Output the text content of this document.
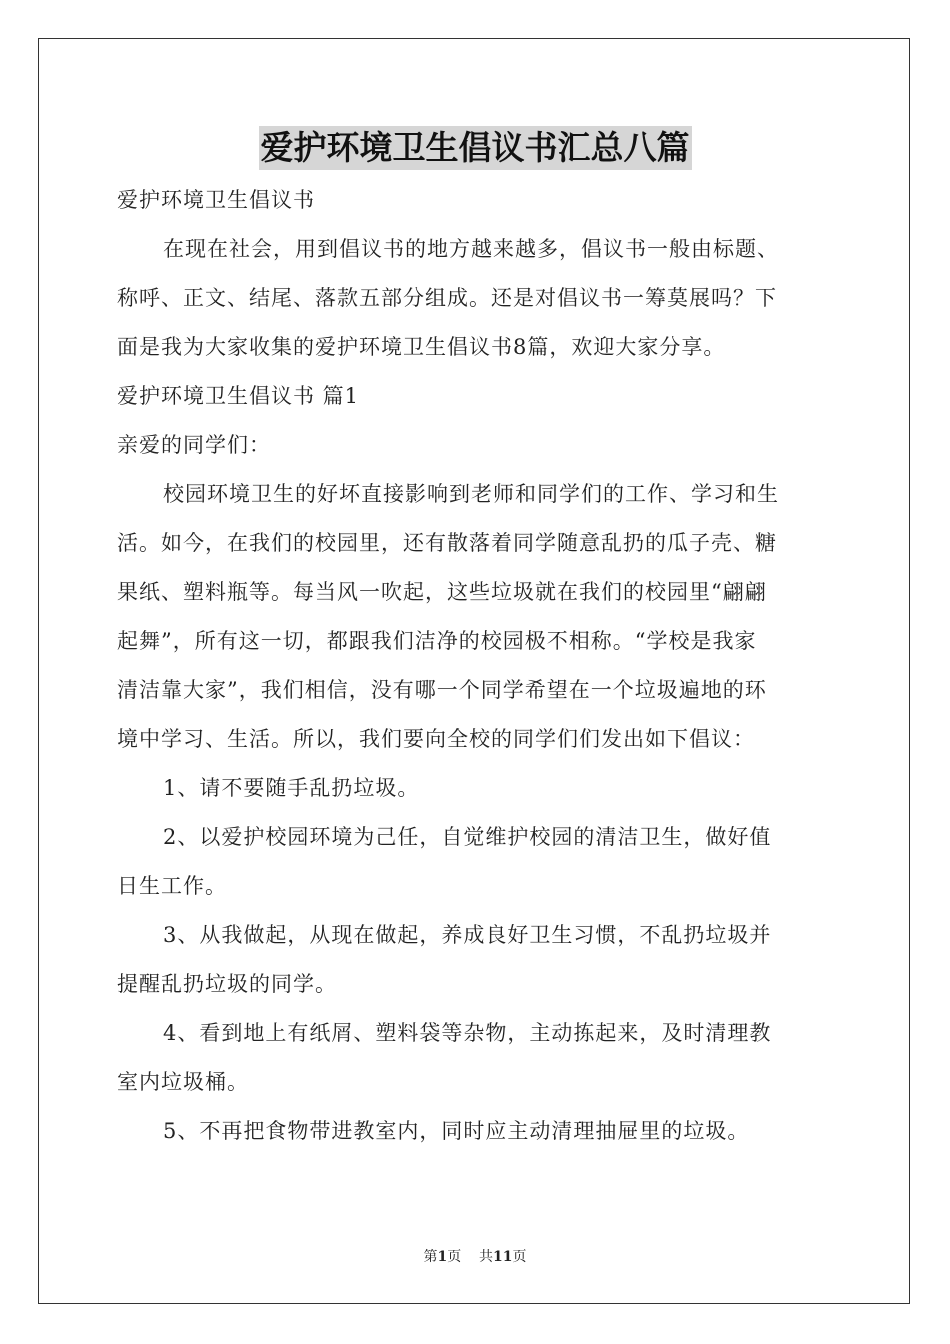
爱护环境卫生倡议书汇总八篇

爱护环境卫生倡议书

在现在社会，用到倡议书的地方越来越多，倡议书一般由标题、

称呼、正文、结尾、落款五部分组成。还是对倡议书一筹莫展吗？下

面是我为大家收集的爱护环境卫生倡议书8篇，欢迎大家分享。

爱护环境卫生倡议书 篇1

亲爱的同学们：

校园环境卫生的好坏直接影响到老师和同学们的工作、学习和生

活。如今，在我们的校园里，还有散落着同学随意乱扔的瓜子壳、糖

果纸、塑料瓶等。每当风一吹起，这些垃圾就在我们的校园里“翩翩

起舞”，所有这一切，都跟我们洁净的校园极不相称。“学校是我家

清洁靠大家”，我们相信，没有哪一个同学希望在一个垃圾遍地的环

境中学习、生活。所以，我们要向全校的同学们们发出如下倡议：

1、请不要随手乱扔垃圾。

2、以爱护校园环境为己任，自觉维护校园的清洁卫生，做好值

日生工作。

3、从我做起，从现在做起，养成良好卫生习惯，不乱扔垃圾并

提醒乱扔垃圾的同学。

4、看到地上有纸屑、塑料袋等杂物，主动拣起来，及时清理教

室内垃圾桶。

5、不再把食物带进教室内，同时应主动清理抽屉里的垃圾。

第1页 共11页
